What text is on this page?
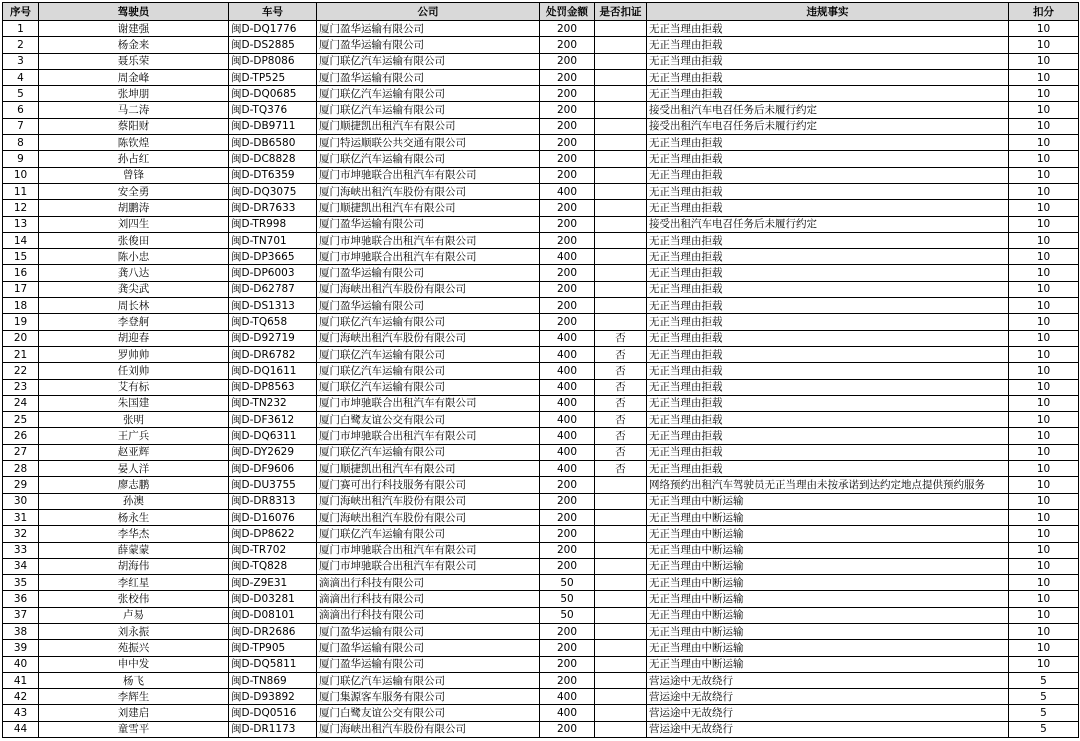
序号	驾驶员	车号	公司	处罚金额	是否扣证	违规事实	扣分
1	谢建强	闽D-DQ1776	厦门盈华运输有限公司	200		无正当理由拒载	10
2	杨金来	闽D-DS2885	厦门盈华运输有限公司	200		无正当理由拒载	10
3	聂乐荣	闽D-DP8086	厦门联亿汽车运输有限公司	200		无正当理由拒载	10
4	周金峰	闽D-TP525	厦门盈华运输有限公司	200		无正当理由拒载	10
5	张坤朋	闽D-DQ0685	厦门联亿汽车运输有限公司	200		无正当理由拒载	10
6	马二涛	闽D-TQ376	厦门联亿汽车运输有限公司	200		接受出租汽车电召任务后未履行约定	10
7	蔡阳财	闽D-DB9711	厦门顺捷凯出租汽车有限公司	200		接受出租汽车电召任务后未履行约定	10
8	陈钦煌	闽D-DB6580	厦门特运顺联公共交通有限公司	200		无正当理由拒载	10
9	孙占红	闽D-DC8828	厦门联亿汽车运输有限公司	200		无正当理由拒载	10
10	曾锋	闽D-DT6359	厦门市坤驰联合出租汽车有限公司	200		无正当理由拒载	10
11	安全勇	闽D-DQ3075	厦门海峡出租汽车股份有限公司	400		无正当理由拒载	10
12	胡鹏涛	闽D-DR7633	厦门顺捷凯出租汽车有限公司	200		无正当理由拒载	10
13	刘四生	闽D-TR998	厦门盈华运输有限公司	200		接受出租汽车电召任务后未履行约定	10
14	张俊田	闽D-TN701	厦门市坤驰联合出租汽车有限公司	200		无正当理由拒载	10
15	陈小忠	闽D-DP3665	厦门市坤驰联合出租汽车有限公司	400		无正当理由拒载	10
16	龚八达	闽D-DP6003	厦门盈华运输有限公司	200		无正当理由拒载	10
17	龚尖武	闽D-D62787	厦门海峡出租汽车股份有限公司	200		无正当理由拒载	10
18	周长林	闽D-DS1313	厦门盈华运输有限公司	200		无正当理由拒载	10
19	李登舸	闽D-TQ658	厦门联亿汽车运输有限公司	200		无正当理由拒载	10
20	胡迎春	闽D-D92719	厦门海峡出租汽车股份有限公司	400	否	无正当理由拒载	10
21	罗帅帅	闽D-DR6782	厦门联亿汽车运输有限公司	400	否	无正当理由拒载	10
22	任刘帅	闽D-DQ1611	厦门联亿汽车运输有限公司	400	否	无正当理由拒载	10
23	艾有标	闽D-DP8563	厦门联亿汽车运输有限公司	400	否	无正当理由拒载	10
24	朱国建	闽D-TN232	厦门市坤驰联合出租汽车有限公司	400	否	无正当理由拒载	10
25	张明	闽D-DF3612	厦门白鹭友谊公交有限公司	400	否	无正当理由拒载	10
26	王广兵	闽D-DQ6311	厦门市坤驰联合出租汽车有限公司	400	否	无正当理由拒载	10
27	赵亚辉	闽D-DY2629	厦门联亿汽车运输有限公司	400	否	无正当理由拒载	10
28	晏人洋	闽D-DF9606	厦门顺捷凯出租汽车有限公司	400	否	无正当理由拒载	10
29	廖志鹏	闽D-DU3755	厦门赛可出行科技服务有限公司	200		网络预约出租汽车驾驶员无正当理由未按承诺到达约定地点提供预约服务	10
30	孙澳	闽D-DR8313	厦门海峡出租汽车股份有限公司	200		无正当理由中断运输	10
31	杨永生	闽D-D16076	厦门海峡出租汽车股份有限公司	200		无正当理由中断运输	10
32	李华杰	闽D-DP8622	厦门联亿汽车运输有限公司	200		无正当理由中断运输	10
33	薛蒙蒙	闽D-TR702	厦门市坤驰联合出租汽车有限公司	200		无正当理由中断运输	10
34	胡海伟	闽D-TQ828	厦门市坤驰联合出租汽车有限公司	200		无正当理由中断运输	10
35	李红星	闽D-Z9E31	滴滴出行科技有限公司	50		无正当理由中断运输	10
36	张校伟	闽D-D03281	滴滴出行科技有限公司	50		无正当理由中断运输	10
37	卢易	闽D-D08101	滴滴出行科技有限公司	50		无正当理由中断运输	10
38	刘永振	闽D-DR2686	厦门盈华运输有限公司	200		无正当理由中断运输	10
39	苑振兴	闽D-TP905	厦门盈华运输有限公司	200		无正当理由中断运输	10
40	申中发	闽D-DQ5811	厦门盈华运输有限公司	200		无正当理由中断运输	10
41	杨飞	闽D-TN869	厦门联亿汽车运输有限公司	200		营运途中无故绕行	5
42	李辉生	闽D-D93892	厦门集源客车服务有限公司	400		营运途中无故绕行	5
43	刘建启	闽D-DQ0516	厦门白鹭友谊公交有限公司	400		营运途中无故绕行	5
44	童雪平	闽D-DR1173	厦门海峡出租汽车股份有限公司	200		营运途中无故绕行	5
